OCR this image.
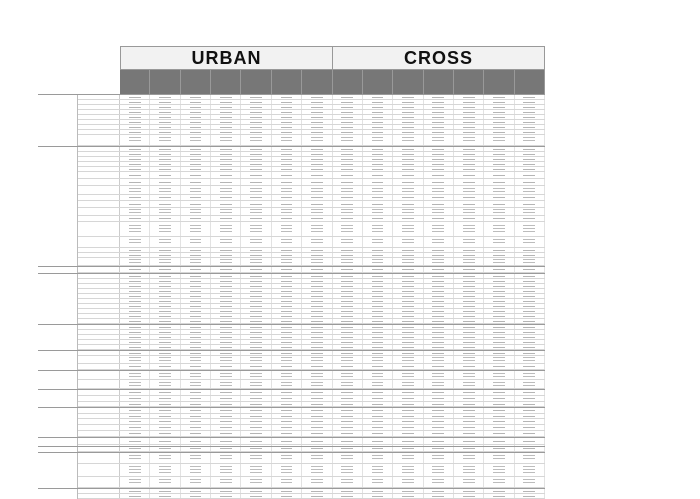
URBAN	CROSS
